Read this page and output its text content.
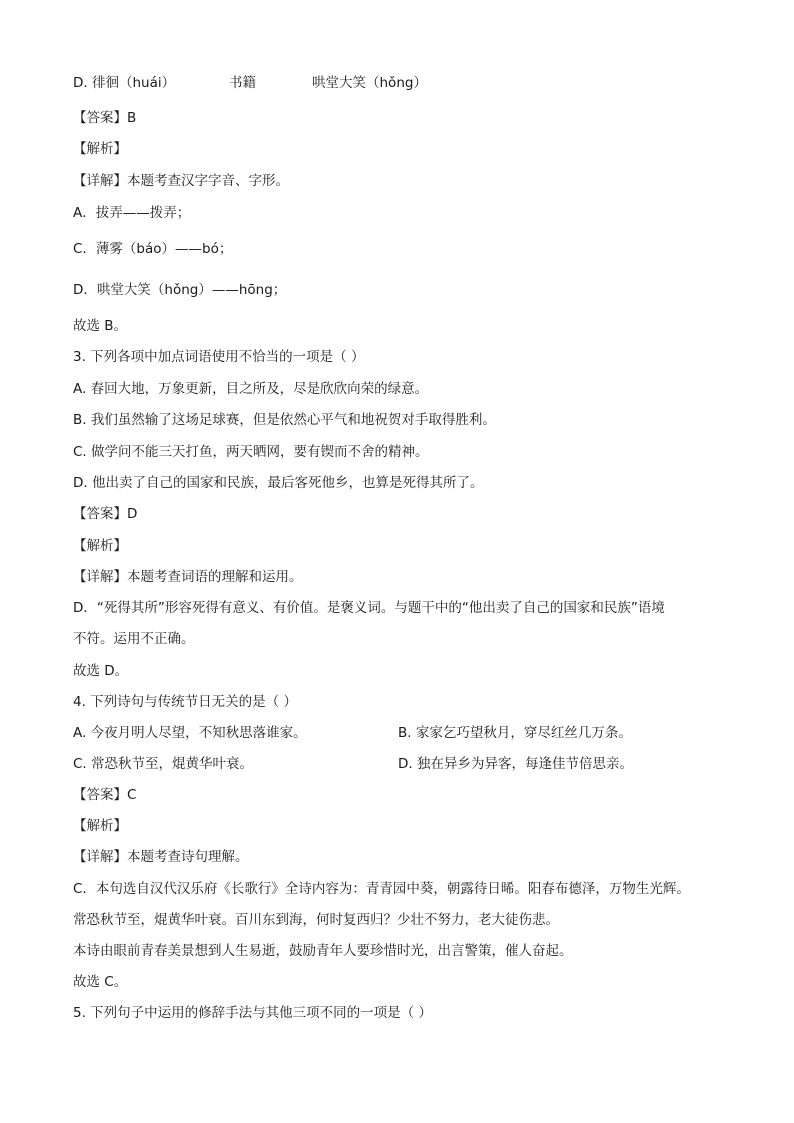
D. 徘徊（huái）	书籍	哄堂大笑（hǒng）
【答案】B
【解析】
【详解】本题考查汉字字音、字形。
A．拔弄——拨弄；
C．薄雾（báo）——bó；
D．哄堂大笑（hǒng）——hōng；
故选 B。
3. 下列各项中加点词语使用不恰当的一项是（ ）
A. 春回大地，万象更新，目之所及，尽是欣欣向荣的绿意。
B. 我们虽然输了这场足球赛，但是依然心平气和地祝贺对手取得胜利。
C. 做学问不能三天打鱼，两天晒网，要有锲而不舍的精神。
D. 他出卖了自己的国家和民族，最后客死他乡，也算是死得其所了。
【答案】D
【解析】
【详解】本题考查词语的理解和运用。
D．“死得其所”形容死得有意义、有价值。是褒义词。与题干中的“他出卖了自己的国家和民族”语境
不符。运用不正确。
故选 D。
4. 下列诗句与传统节日无关的是（ ）
A. 今夜月明人尽望，不知秋思落谁家。	B. 家家乞巧望秋月，穿尽红丝几万条。
C. 常恐秋节至，焜黄华叶衰。	D. 独在异乡为异客，每逢佳节倍思亲。
【答案】C
【解析】
【详解】本题考查诗句理解。
C．本句选自汉代汉乐府《长歌行》全诗内容为：青青园中葵，朝露待日晞。阳春布德泽，万物生光辉。
常恐秋节至，焜黄华叶衰。百川东到海，何时复西归？少壮不努力，老大徒伤悲。
本诗由眼前青春美景想到人生易逝，鼓励青年人要珍惜时光，出言警策，催人奋起。
故选 C。
5. 下列句子中运用的修辞手法与其他三项不同的一项是（ ）
